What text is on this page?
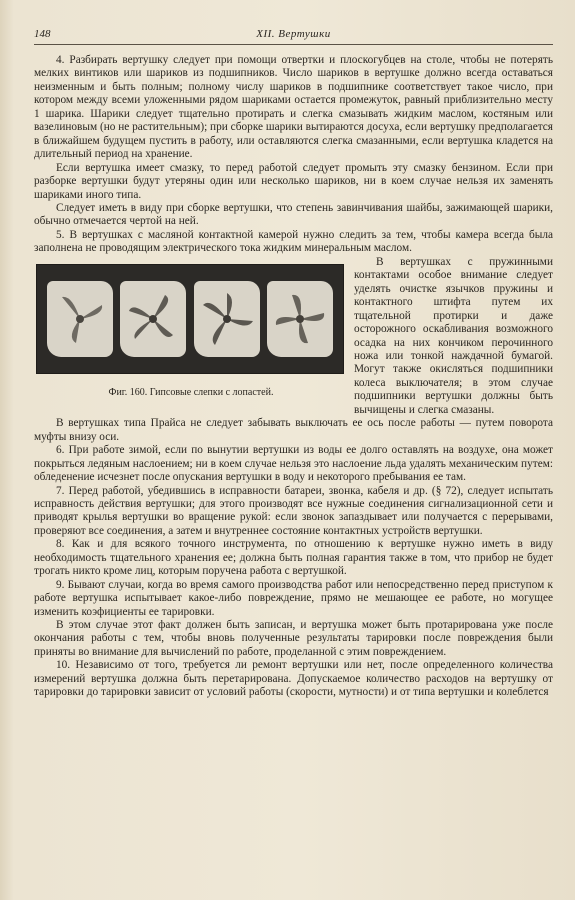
148	XII. Вертушки

4. Разбирать вертушку следует при помощи отвертки и плоскогубцев на столе, чтобы не потерять мелких винтиков или шариков из подшипников. Число шариков в вертушке должно всегда оставаться неизменным и быть полным; полному числу шариков в подшипнике соответствует такое число, при котором между всеми уложенными рядом шариками остается промежуток, равный приблизительно месту 1 шарика. Шарики следует тщательно протирать и слегка смазывать жидким маслом, костяным или вазелиновым (но не растительным); при сборке шарики вытираются досуха, если вертушку предполагается в ближайшем будущем пустить в работу, или оставляются слегка смазанными, если вертушка кладется на длительный период на хранение.

Если вертушка имеет смазку, то перед работой следует промыть эту смазку бензином. Если при разборке вертушки будут утеряны один или несколько шариков, ни в коем случае нельзя их заменять шариками иного типа.

Следует иметь в виду при сборке вертушки, что степень завинчивания шайбы, зажимающей шарики, обычно отмечается чертой на ней.

5. В вертушках с масляной контактной камерой нужно следить за тем, чтобы камера всегда была заполнена не проводящим электрического тока жидким минеральным маслом.

Фиг. 160. Гипсовые слепки с лопастей.

В вертушках с пружинными контактами особое внимание следует уделять очистке язычков пружины и контактного штифта путем их тщательной протирки и даже осторожного оскабливания возможного осадка на них кончиком перочинного ножа или тонкой наждачной бумагой. Могут также окисляться подшипники колеса выключателя; в этом случае подшипники вертушки должны быть вычищены и слегка смазаны.

В вертушках типа Прайса не следует забывать выключать ее ось после работы — путем поворота муфты внизу оси.

6. При работе зимой, если по вынутии вертушки из воды ее долго оставлять на воздухе, она может покрыться ледяным наслоением; ни в коем случае нельзя это наслоение льда удалять механическим путем: обледенение исчезнет после опускания вертушки в воду и некоторого пребывания ее там.

7. Перед работой, убедившись в исправности батареи, звонка, кабеля и др. (§ 72), следует испытать исправность действия вертушки; для этого производят все нужные соединения сигнализационной сети и приводят крылья вертушки во вращение рукой: если звонок запаздывает или получается с перерывами, проверяют все соединения, а затем и внутреннее состояние контактных устройств вертушки.

8. Как и для всякого точного инструмента, по отношению к вертушке нужно иметь в виду необходимость тщательного хранения ее; должна быть полная гарантия также в том, что прибор не будет трогать никто кроме лиц, которым поручена работа с вертушкой.

9. Бывают случаи, когда во время самого производства работ или непосредственно перед приступом к работе вертушка испытывает какое-либо повреждение, прямо не мешающее ее работе, но могущее изменить коэфициенты ее тарировки.

В этом случае этот факт должен быть записан, и вертушка может быть протарирована уже после окончания работы с тем, чтобы вновь полученные результаты тарировки после повреждения были приняты во внимание для вычислений по работе, проделанной с этим повреждением.

10. Независимо от того, требуется ли ремонт вертушки или нет, после определенного количества измерений вертушка должна быть перетарирована. Допускаемое количество расходов на вертушку от тарировки до тарировки зависит от условий работы (скорости, мутности) и от типа вертушки и колеблется
